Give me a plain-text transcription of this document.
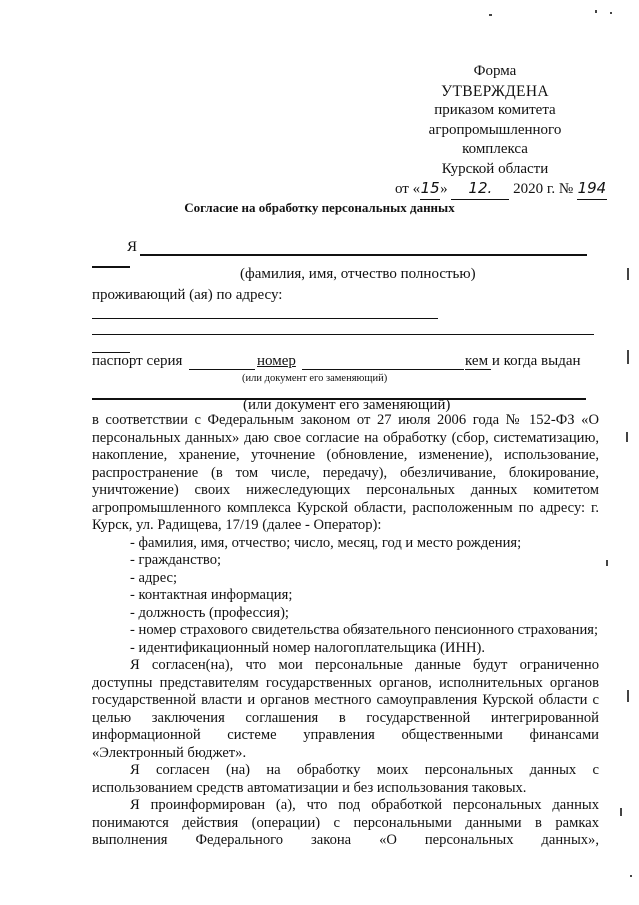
Форма
УТВЕРЖДЕНА
приказом комитета
агропромышленного
комплекса
Курской области
от «15» 12. 2020 г. № 194
Согласие на обработку персональных данных
Я
(фамилия, имя, отчество полностью)
проживающий (ая) по адресу:
паспорт серия	номер	кем и когда выдан
(или документ его заменяющий)
(или документ его заменяющий)

в соответствии с Федеральным законом от 27 июля 2006 года № 152-ФЗ «О персональных данных» даю свое согласие на обработку (сбор, систематизацию, накопление, хранение, уточнение (обновление, изменение), использование, распространение (в том числе, передачу), обезличивание, блокирование, уничтожение) своих нижеследующих персональных данных комитетом агропромышленного комплекса Курской области, расположенным по адресу: г. Курск, ул. Радищева, 17/19 (далее - Оператор):

- фамилия, имя, отчество; число, месяц, год и место рождения;

- гражданство;

- адрес;

- контактная информация;

- должность (профессия);

- номер страхового свидетельства обязательного пенсионного страхования;

- идентификационный номер налогоплательщика (ИНН).

Я согласен(на), что мои персональные данные будут ограниченно доступны представителям государственных органов, исполнительных органов государственной власти и органов местного самоуправления Курской области с целью заключения соглашения в государственной интегрированной информационной системе управления общественными финансами «Электронный бюджет».

Я согласен (на) на обработку моих персональных данных с использованием средств автоматизации и без использования таковых.

Я проинформирован (а), что под обработкой персональных данных понимаются действия (операции) с персональными данными в рамках выполнения Федерального закона «О персональных данных»,
